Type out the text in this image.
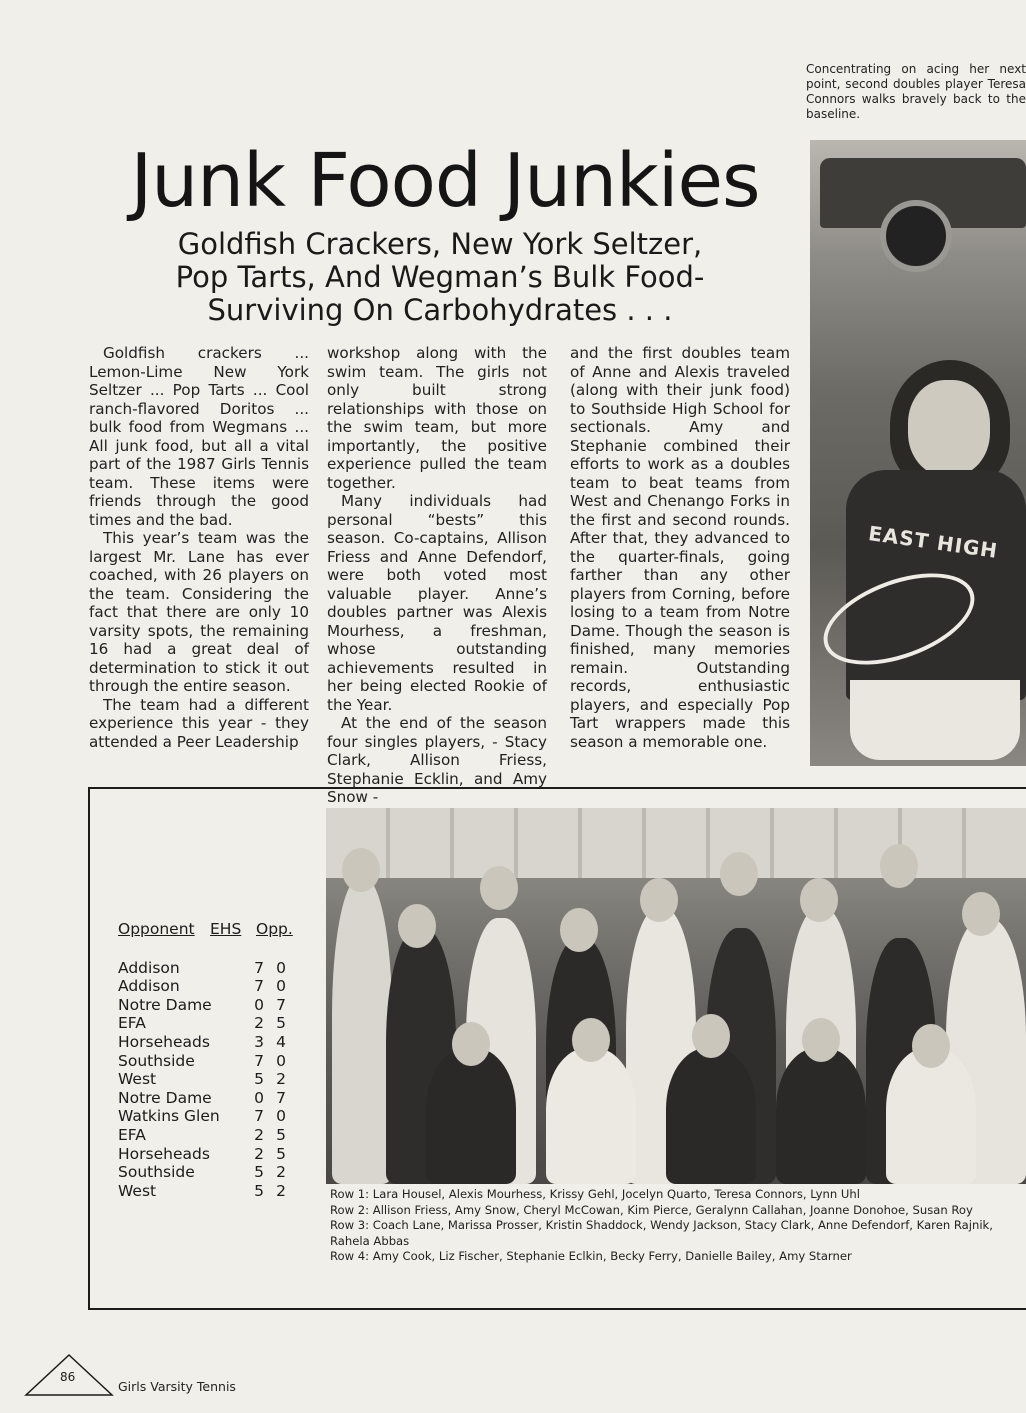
Concentrating on acing her next point, second doubles player Teresa Connors walks bravely back to the baseline.
EAST HIGH
Junk Food Junkies
Goldfish Crackers, New York Seltzer,
Pop Tarts, And Wegman’s Bulk Food-
Surviving On Carbohydrates . . .

Goldfish crackers ... Lemon-Lime New York Seltzer ... Pop Tarts ... Cool ranch-flavored Doritos ... bulk food from Wegmans ... All junk food, but all a vital part of the 1987 Girls Tennis team. These items were friends through the good times and the bad.

This year’s team was the largest Mr. Lane has ever coached, with 26 players on the team. Considering the fact that there are only 10 varsity spots, the remaining 16 had a great deal of determination to stick it out through the entire season.

The team had a different experience this year - they attended a Peer Leadership

workshop along with the swim team. The girls not only built strong relationships with those on the swim team, but more importantly, the positive experience pulled the team together.

Many individuals had personal “bests” this season. Co-captains, Allison Friess and Anne Defendorf, were both voted most valuable player. Anne’s doubles partner was Alexis Mourhess, a freshman, whose outstanding achievements resulted in her being elected Rookie of the Year.

At the end of the season four singles players, - Stacy Clark, Allison Friess, Stephanie Ecklin, and Amy Snow -

and the first doubles team of Anne and Alexis traveled (along with their junk food) to Southside High School for sectionals. Amy and Stephanie combined their efforts to work as a doubles team to beat teams from West and Chenango Forks in the first and second rounds. After that, they advanced to the quarter-finals, going farther than any other players from Corning, before losing to a team from Notre Dame. Though the season is finished, many memories remain. Outstanding records, enthusiastic players, and especially Pop Tart wrappers made this season a memorable one.

Opponent EHS Opp.
Addison	7 0
Addison	7 0
Notre Dame	0 7
EFA	2 5
Horseheads	3 4
Southside	7 0
West	5 2
Notre Dame	0 7
Watkins Glen	7 0
EFA	2 5
Horseheads	2 5
Southside	5 2
West	5 2	Row 1: Lara Housel, Alexis Mourhess, Krissy Gehl, Jocelyn Quarto, Teresa Connors, Lynn Uhl
Row 2: Allison Friess, Amy Snow, Cheryl McCowan, Kim Pierce, Geralynn Callahan, Joanne Donohoe, Susan Roy
Row 3: Coach Lane, Marissa Prosser, Kristin Shaddock, Wendy Jackson, Stacy Clark, Anne Defendorf, Karen Rajnik,
Rahela Abbas
Row 4: Amy Cook, Liz Fischer, Stephanie Eclkin, Becky Ferry, Danielle Bailey, Amy Starner
86
Girls Varsity Tennis
